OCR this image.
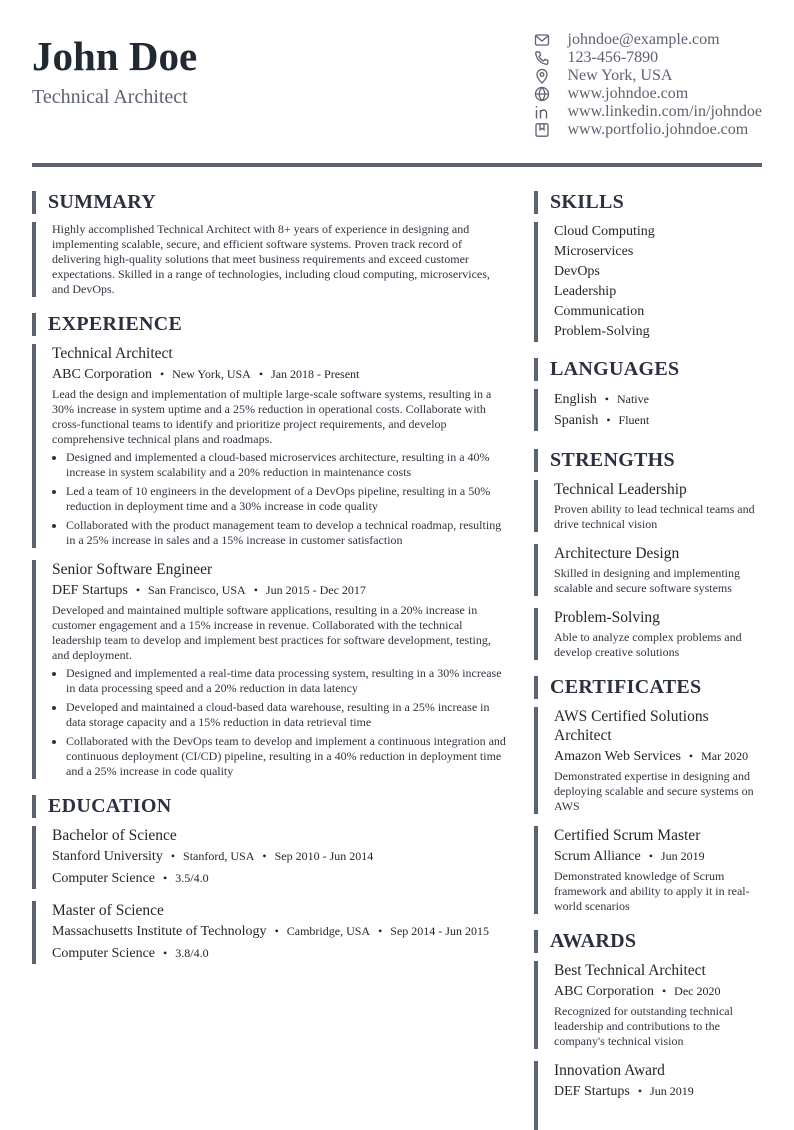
John Doe
Technical Architect
johndoe@example.com
123-456-7890
New York, USA
www.johndoe.com
www.linkedin.com/in/johndoe
www.portfolio.johndoe.com
SUMMARY
Highly accomplished Technical Architect with 8+ years of experience in designing and implementing scalable, secure, and efficient software systems. Proven track record of delivering high-quality solutions that meet business requirements and exceed customer expectations. Skilled in a range of technologies, including cloud computing, microservices, and DevOps.
EXPERIENCE
Technical Architect
ABC Corporation • New York, USA • Jan 2018 - Present
Lead the design and implementation of multiple large-scale software systems, resulting in a 30% increase in system uptime and a 25% reduction in operational costs. Collaborate with cross-functional teams to identify and prioritize project requirements, and develop comprehensive technical plans and roadmaps.
• Designed and implemented a cloud-based microservices architecture, resulting in a 40% increase in system scalability and a 20% reduction in maintenance costs
• Led a team of 10 engineers in the development of a DevOps pipeline, resulting in a 50% reduction in deployment time and a 30% increase in code quality
• Collaborated with the product management team to develop a technical roadmap, resulting in a 25% increase in sales and a 15% increase in customer satisfaction
Senior Software Engineer
DEF Startups • San Francisco, USA • Jun 2015 - Dec 2017
Developed and maintained multiple software applications, resulting in a 20% increase in customer engagement and a 15% increase in revenue. Collaborated with the technical leadership team to develop and implement best practices for software development, testing, and deployment.
• Designed and implemented a real-time data processing system, resulting in a 30% increase in data processing speed and a 20% reduction in data latency
• Developed and maintained a cloud-based data warehouse, resulting in a 25% increase in data storage capacity and a 15% reduction in data retrieval time
• Collaborated with the DevOps team to develop and implement a continuous integration and continuous deployment (CI/CD) pipeline, resulting in a 40% reduction in deployment time and a 25% increase in code quality
EDUCATION
Bachelor of Science
Stanford University • Stanford, USA • Sep 2010 - Jun 2014
Computer Science • 3.5/4.0
Master of Science
Massachusetts Institute of Technology • Cambridge, USA • Sep 2014 - Jun 2015
Computer Science • 3.8/4.0
SKILLS
Cloud Computing
Microservices
DevOps
Leadership
Communication
Problem-Solving
LANGUAGES
English • Native
Spanish • Fluent
STRENGTHS
Technical Leadership
Proven ability to lead technical teams and drive technical vision
Architecture Design
Skilled in designing and implementing scalable and secure software systems
Problem-Solving
Able to analyze complex problems and develop creative solutions
CERTIFICATES
AWS Certified Solutions Architect
Amazon Web Services • Mar 2020
Demonstrated expertise in designing and deploying scalable and secure systems on AWS
Certified Scrum Master
Scrum Alliance • Jun 2019
Demonstrated knowledge of Scrum framework and ability to apply it in real-world scenarios
AWARDS
Best Technical Architect
ABC Corporation • Dec 2020
Recognized for outstanding technical leadership and contributions to the company's technical vision
Innovation Award
DEF Startups • Jun 2019
